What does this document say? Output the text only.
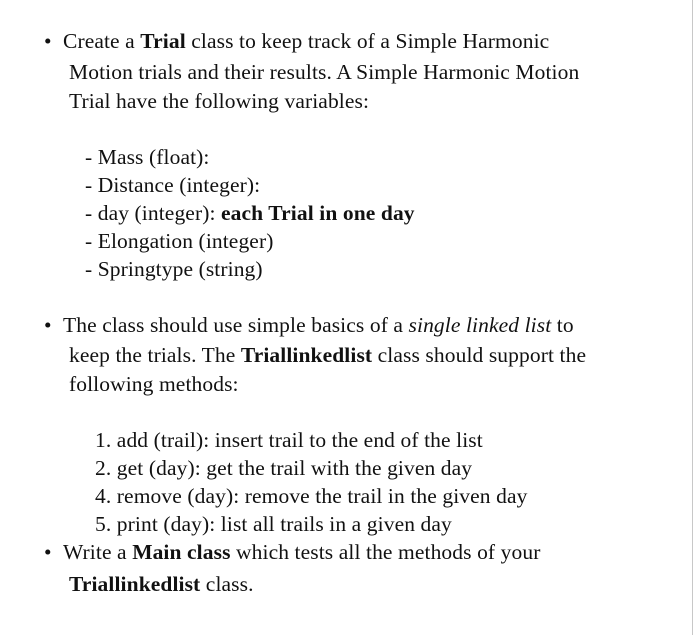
• Create a Trial class to keep track of a Simple Harmonic
Motion trials and their results. A Simple Harmonic Motion
Trial have the following variables:
- Mass (float):
- Distance (integer):
- day (integer): each Trial in one day
- Elongation (integer)
- Springtype (string)
• The class should use simple basics of a single linked list to
keep the trials. The Triallinkedlist class should support the
following methods:
1. add (trail): insert trail to the end of the list
2. get (day): get the trail with the given day
4. remove (day): remove the trail in the given day
5. print (day): list all trails in a given day
• Write a Main class which tests all the methods of your
Triallinkedlist class.
